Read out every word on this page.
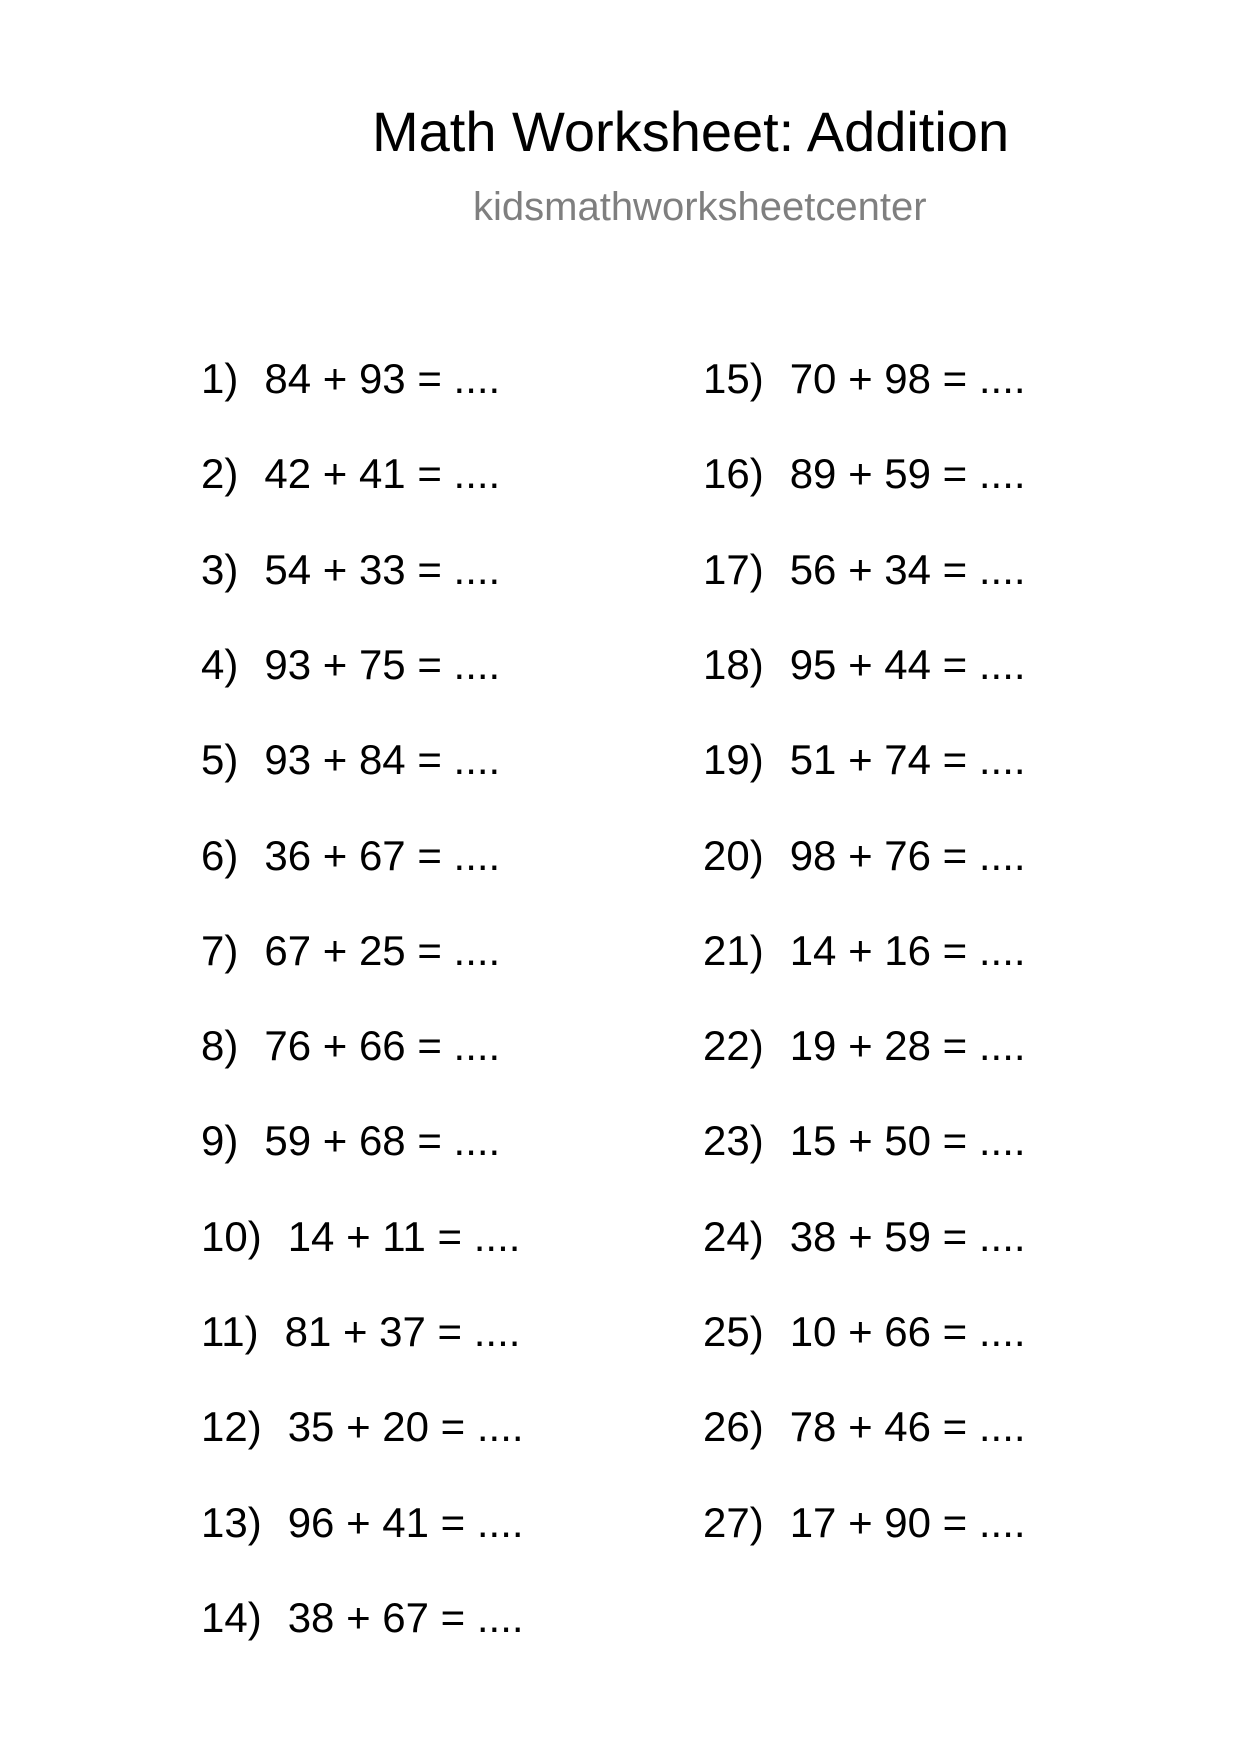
Math Worksheet: Addition
kidsmathworksheetcenter
1) 84 + 93 = ....
2) 42 + 41 = ....
3) 54 + 33 = ....
4) 93 + 75 = ....
5) 93 + 84 = ....
6) 36 + 67 = ....
7) 67 + 25 = ....
8) 76 + 66 = ....
9) 59 + 68 = ....
10) 14 + 11 = ....
11) 81 + 37 = ....
12) 35 + 20 = ....
13) 96 + 41 = ....
14) 38 + 67 = ....
15) 70 + 98 = ....
16) 89 + 59 = ....
17) 56 + 34 = ....
18) 95 + 44 = ....
19) 51 + 74 = ....
20) 98 + 76 = ....
21) 14 + 16 = ....
22) 19 + 28 = ....
23) 15 + 50 = ....
24) 38 + 59 = ....
25) 10 + 66 = ....
26) 78 + 46 = ....
27) 17 + 90 = ....
